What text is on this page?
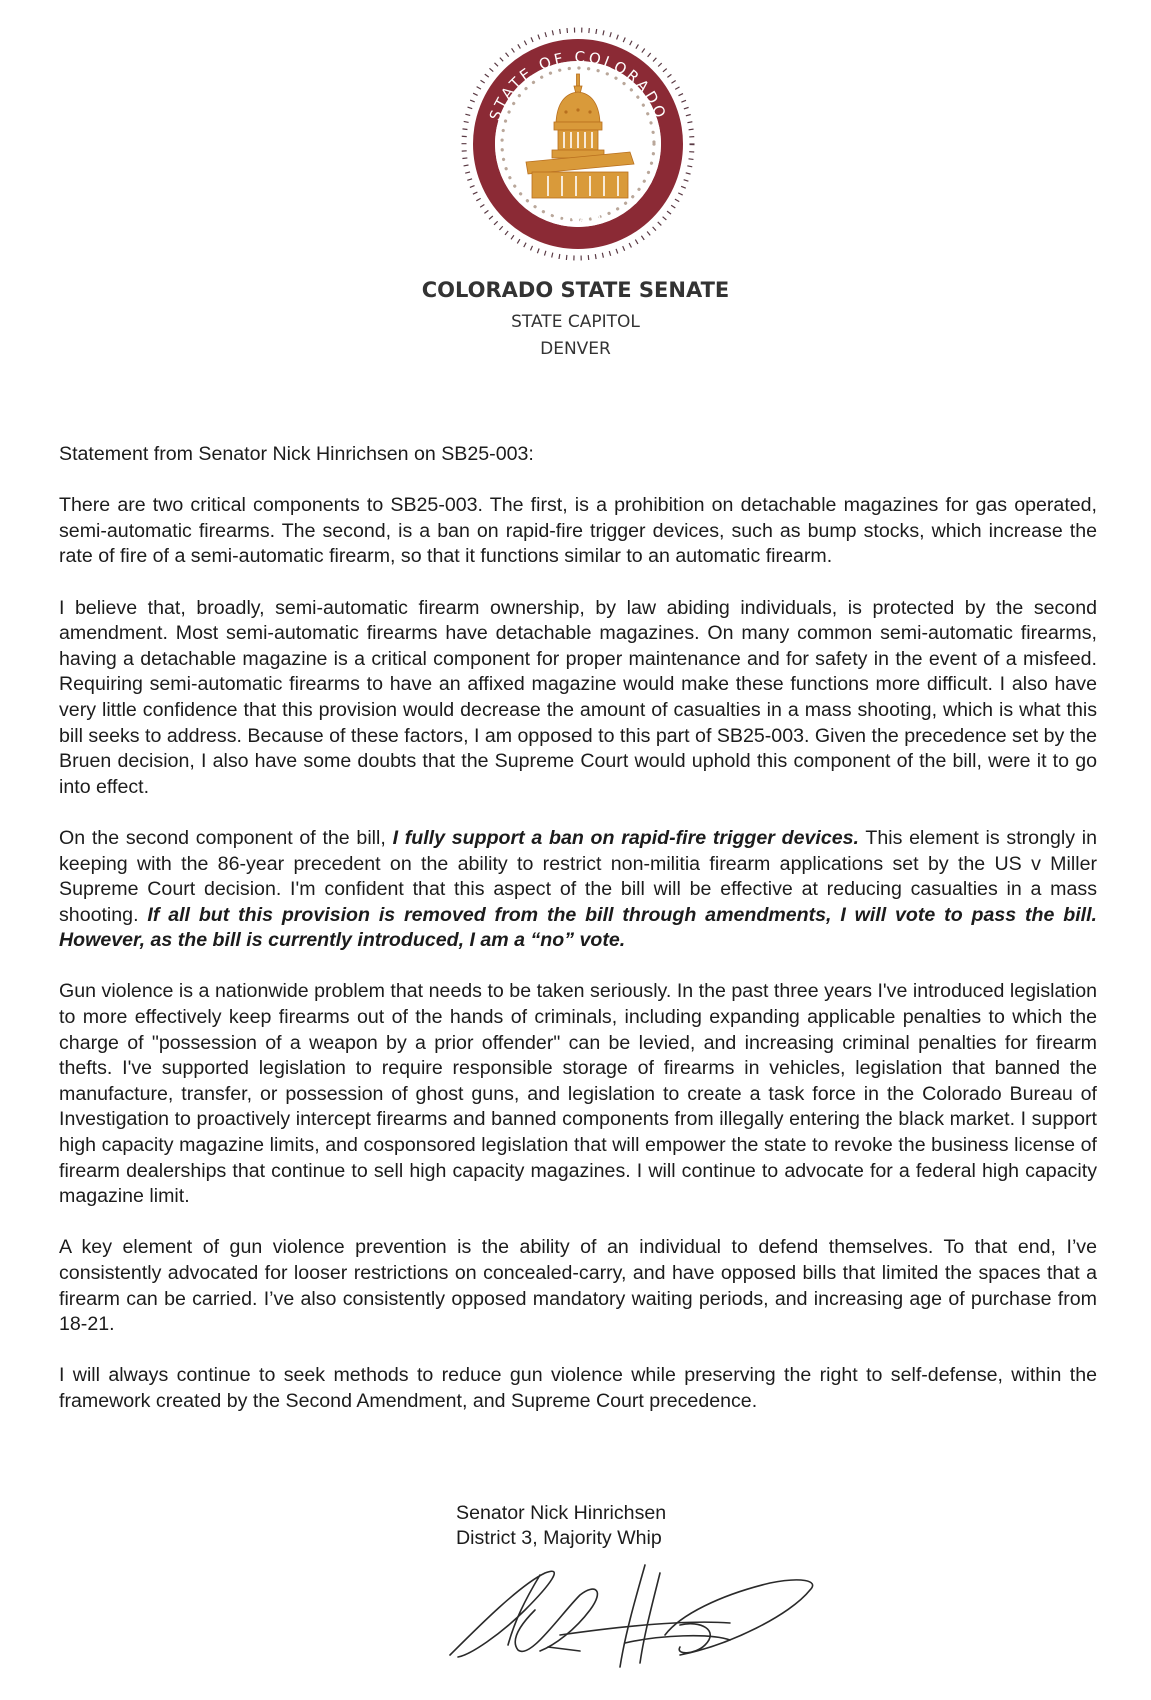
STATE OF COLORADO
SENATE
COLORADO STATE SENATE
STATE CAPITOL
DENVER

Statement from Senator Nick Hinrichsen on SB25-003:

There are two critical components to SB25-003. The first, is a prohibition on detachable magazines for gas operated, semi-automatic firearms. The second, is a ban on rapid-fire trigger devices, such as bump stocks, which increase the rate of fire of a semi-automatic firearm, so that it functions similar to an automatic firearm.

I believe that, broadly, semi-automatic firearm ownership, by law abiding individuals, is protected by the second amendment. Most semi-automatic firearms have detachable magazines. On many common semi-automatic firearms, having a detachable magazine is a critical component for proper maintenance and for safety in the event of a misfeed. Requiring semi-automatic firearms to have an affixed magazine would make these functions more difficult. I also have very little confidence that this provision would decrease the amount of casualties in a mass shooting, which is what this bill seeks to address. Because of these factors, I am opposed to this part of SB25-003. Given the precedence set by the Bruen decision, I also have some doubts that the Supreme Court would uphold this component of the bill, were it to go into effect.

On the second component of the bill, I fully support a ban on rapid-fire trigger devices. This element is strongly in keeping with the 86-year precedent on the ability to restrict non-militia firearm applications set by the US v Miller Supreme Court decision. I'm confident that this aspect of the bill will be effective at reducing casualties in a mass shooting. If all but this provision is removed from the bill through amendments, I will vote to pass the bill. However, as the bill is currently introduced, I am a “no” vote.

Gun violence is a nationwide problem that needs to be taken seriously. In the past three years I've introduced legislation to more effectively keep firearms out of the hands of criminals, including expanding applicable penalties to which the charge of "possession of a weapon by a prior offender" can be levied, and increasing criminal penalties for firearm thefts. I've supported legislation to require responsible storage of firearms in vehicles, legislation that banned the manufacture, transfer, or possession of ghost guns, and legislation to create a task force in the Colorado Bureau of Investigation to proactively intercept firearms and banned components from illegally entering the black market. I support high capacity magazine limits, and cosponsored legislation that will empower the state to revoke the business license of firearm dealerships that continue to sell high capacity magazines. I will continue to advocate for a federal high capacity magazine limit.

A key element of gun violence prevention is the ability of an individual to defend themselves. To that end, I’ve consistently advocated for looser restrictions on concealed-carry, and have opposed bills that limited the spaces that a firearm can be carried. I’ve also consistently opposed mandatory waiting periods, and increasing age of purchase from 18-21.

I will always continue to seek methods to reduce gun violence while preserving the right to self-defense, within the framework created by the Second Amendment, and Supreme Court precedence.

Senator Nick Hinrichsen
District 3, Majority Whip
